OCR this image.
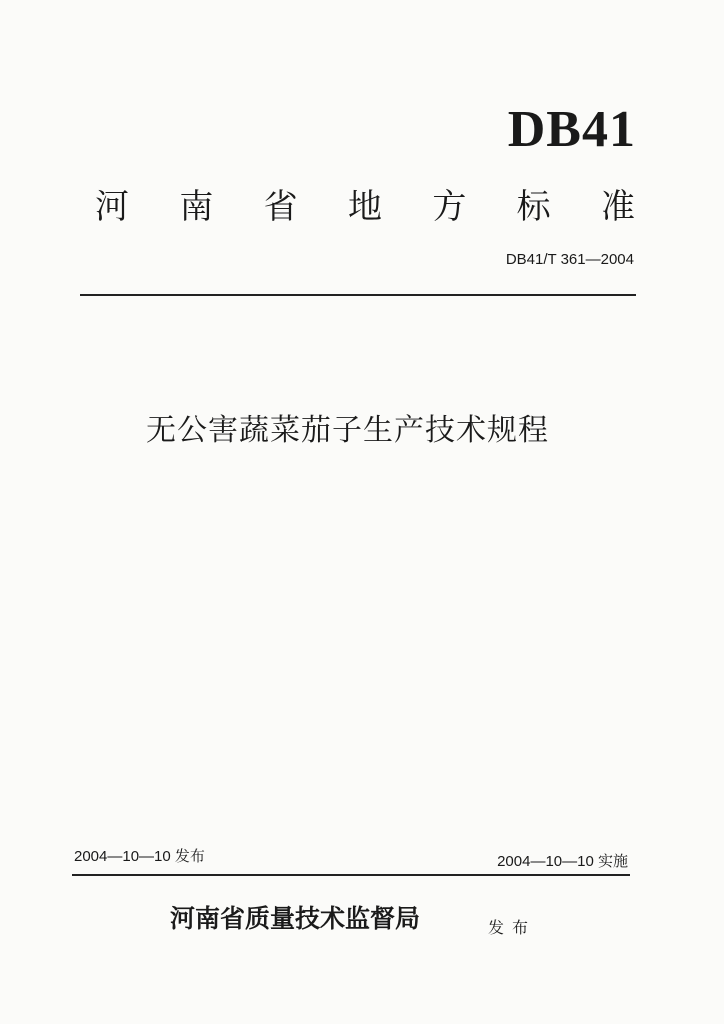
DB41
河 南 省 地 方 标 准
DB41/T 361—2004
无公害蔬菜茄子生产技术规程
2004—10—10 发布	2004—10—10 实施
河南省质量技术监督局	发布
